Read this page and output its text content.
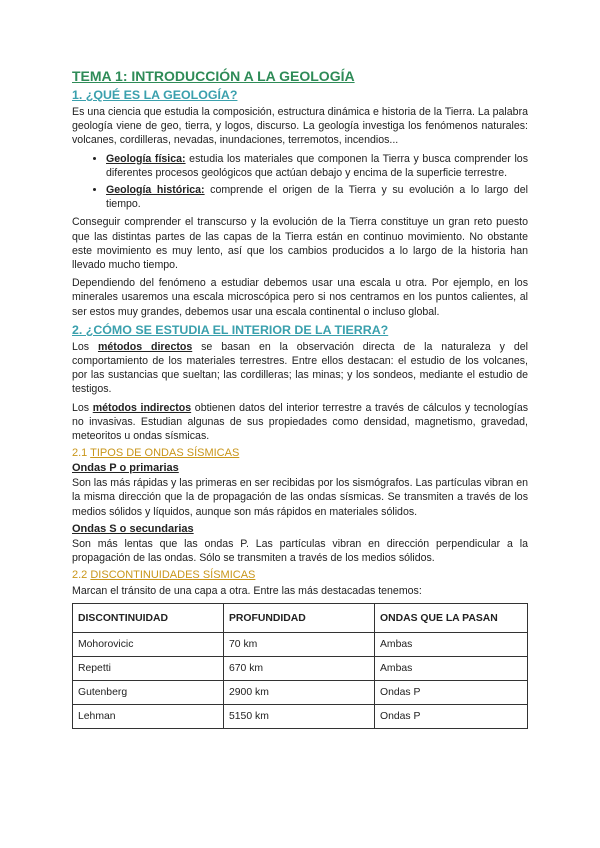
TEMA 1: INTRODUCCIÓN A LA GEOLOGÍA
1. ¿QUÉ ES LA GEOLOGÍA?

Es una ciencia que estudia la composición, estructura dinámica e historia de la Tierra. La palabra geología viene de geo, tierra, y logos, discurso. La geología investiga los fenómenos naturales: volcanes, cordilleras, nevadas, inundaciones, terremotos, incendios...

• Geología física: estudia los materiales que componen la Tierra y busca comprender los diferentes procesos geológicos que actúan debajo y encima de la superficie terrestre.
• Geología histórica: comprende el origen de la Tierra y su evolución a lo largo del tiempo.

Conseguir comprender el transcurso y la evolución de la Tierra constituye un gran reto puesto que las distintas partes de las capas de la Tierra están en continuo movimiento. No obstante este movimiento es muy lento, así que los cambios producidos a lo largo de la historia han llevado mucho tiempo.

Dependiendo del fenómeno a estudiar debemos usar una escala u otra. Por ejemplo, en los minerales usaremos una escala microscópica pero si nos centramos en los puntos calientes, al ser estos muy grandes, debemos usar una escala continental o incluso global.

2. ¿CÓMO SE ESTUDIA EL INTERIOR DE LA TIERRA?

Los métodos directos se basan en la observación directa de la naturaleza y del comportamiento de los materiales terrestres. Entre ellos destacan: el estudio de los volcanes, por las sustancias que sueltan; las cordilleras; las minas; y los sondeos, mediante el estudio de testigos.

Los métodos indirectos obtienen datos del interior terrestre a través de cálculos y tecnologías no invasivas. Estudian algunas de sus propiedades como densidad, magnetismo, gravedad, meteoritos u ondas sísmicas.

2.1 TIPOS DE ONDAS SÍSMICAS
Ondas P o primarias

Son las más rápidas y las primeras en ser recibidas por los sismógrafos. Las partículas vibran en la misma dirección que la de propagación de las ondas sísmicas. Se transmiten a través de los medios sólidos y líquidos, aunque son más rápidos en materiales sólidos.

Ondas S o secundarias

Son más lentas que las ondas P. Las partículas vibran en dirección perpendicular a la propagación de las ondas. Sólo se transmiten a través de los medios sólidos.

2.2 DISCONTINUIDADES SÍSMICAS

Marcan el tránsito de una capa a otra. Entre las más destacadas tenemos:

DISCONTINUIDAD	PROFUNDIDAD	ONDAS QUE LA PASAN
Mohorovicic	70 km	Ambas
Repetti	670 km	Ambas
Gutenberg	2900 km	Ondas P
Lehman	5150 km	Ondas P
